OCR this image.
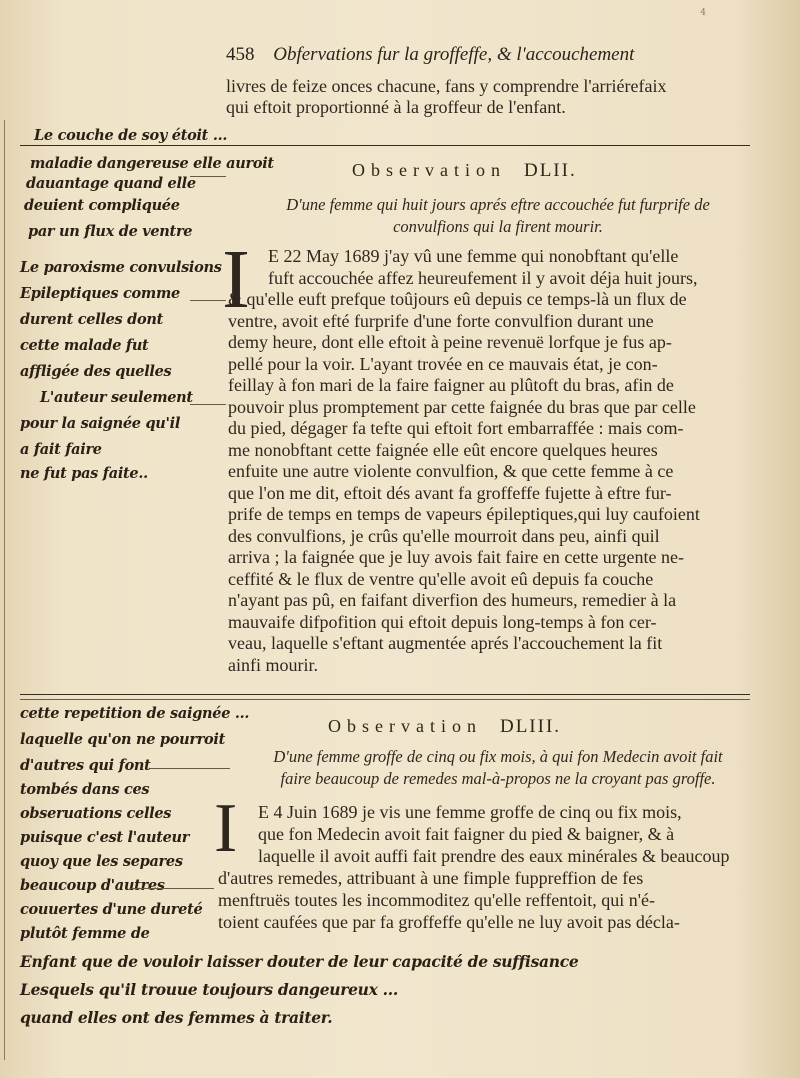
4
458 Obfervations fur la groffeffe, & l'accouchement
livres de feize onces chacune, fans y comprendre l'arriérefaix
qui eftoit proportionné à la groffeur de l'enfant.
Observation DLII.
D'une femme qui huit jours aprés eftre accouchée fut furprife de
convulfions qui la firent mourir.
I E 22 May 1689 j'ay vû une femme qui nonobftant qu'elle
fuft accouchée affez heureufement il y avoit déja huit jours,
& qu'elle euft prefque toûjours eû depuis ce temps-là un flux de
ventre, avoit efté furprife d'une forte convulfion durant une
demy heure, dont elle eftoit à peine revenuë lorfque je fus ap-
pellé pour la voir. L'ayant trovée en ce mauvais état, je con-
feillay à fon mari de la faire faigner au plûtoft du bras, afin de
pouvoir plus promptement par cette faignée du bras que par celle
du pied, dégager fa tefte qui eftoit fort embarraffée : mais com-
me nonobftant cette faignée elle eût encore quelques heures
enfuite une autre violente convulfion, & que cette femme à ce
que l'on me dit, eftoit dés avant fa groffeffe fujette à eftre fur-
prife de temps en temps de vapeurs épileptiques,qui luy caufoient
des convulfions, je crûs qu'elle mourroit dans peu, ainfi quil
arriva ; la faignée que je luy avois fait faire en cette urgente ne-
ceffité & le flux de ventre qu'elle avoit eû depuis fa couche
n'ayant pas pû, en faifant diverfion des humeurs, remedier à la
mauvaife difpofition qui eftoit depuis long-temps à fon cer-
veau, laquelle s'eftant augmentée aprés l'accouchement la fit
ainfi mourir.
Observation DLIII.
D'une femme groffe de cinq ou fix mois, à qui fon Medecin avoit fait
faire beaucoup de remedes mal-à-propos ne la croyant pas groffe.
I E 4 Juin 1689 je vis une femme groffe de cinq ou fix mois,
que fon Medecin avoit fait faigner du pied & baigner, & à
laquelle il avoit auffi fait prendre des eaux minérales & beaucoup
d'autres remedes, attribuant à une fimple fuppreffion de fes
menftruës toutes les incommoditez qu'elle reffentoit, qui n'é-
toient caufées que par fa groffeffe qu'elle ne luy avoit pas décla-
Le couche de soy étoit ...
maladie dangereuse elle auroit
dauantage quand elle
deuient compliquée
par un flux de ventre
Le paroxisme convulsions
Epileptiques comme
durent celles dont
cette malade fut
affligée des quelles
L'auteur seulement
pour la saignée qu'il
a fait faire
ne fut pas faite..
cette repetition de saignée ...
laquelle qu'on ne pourroit
d'autres qui font
tombés dans ces
obseruations celles
puisque c'est l'auteur
quoy que les separes
beaucoup d'autres
couuertes d'une dureté
plutôt femme de
Enfant que de vouloir laisser douter de leur capacité de suffisance
Lesquels qu'il trouue toujours dangeureux ...
quand elles ont des femmes à traiter.
